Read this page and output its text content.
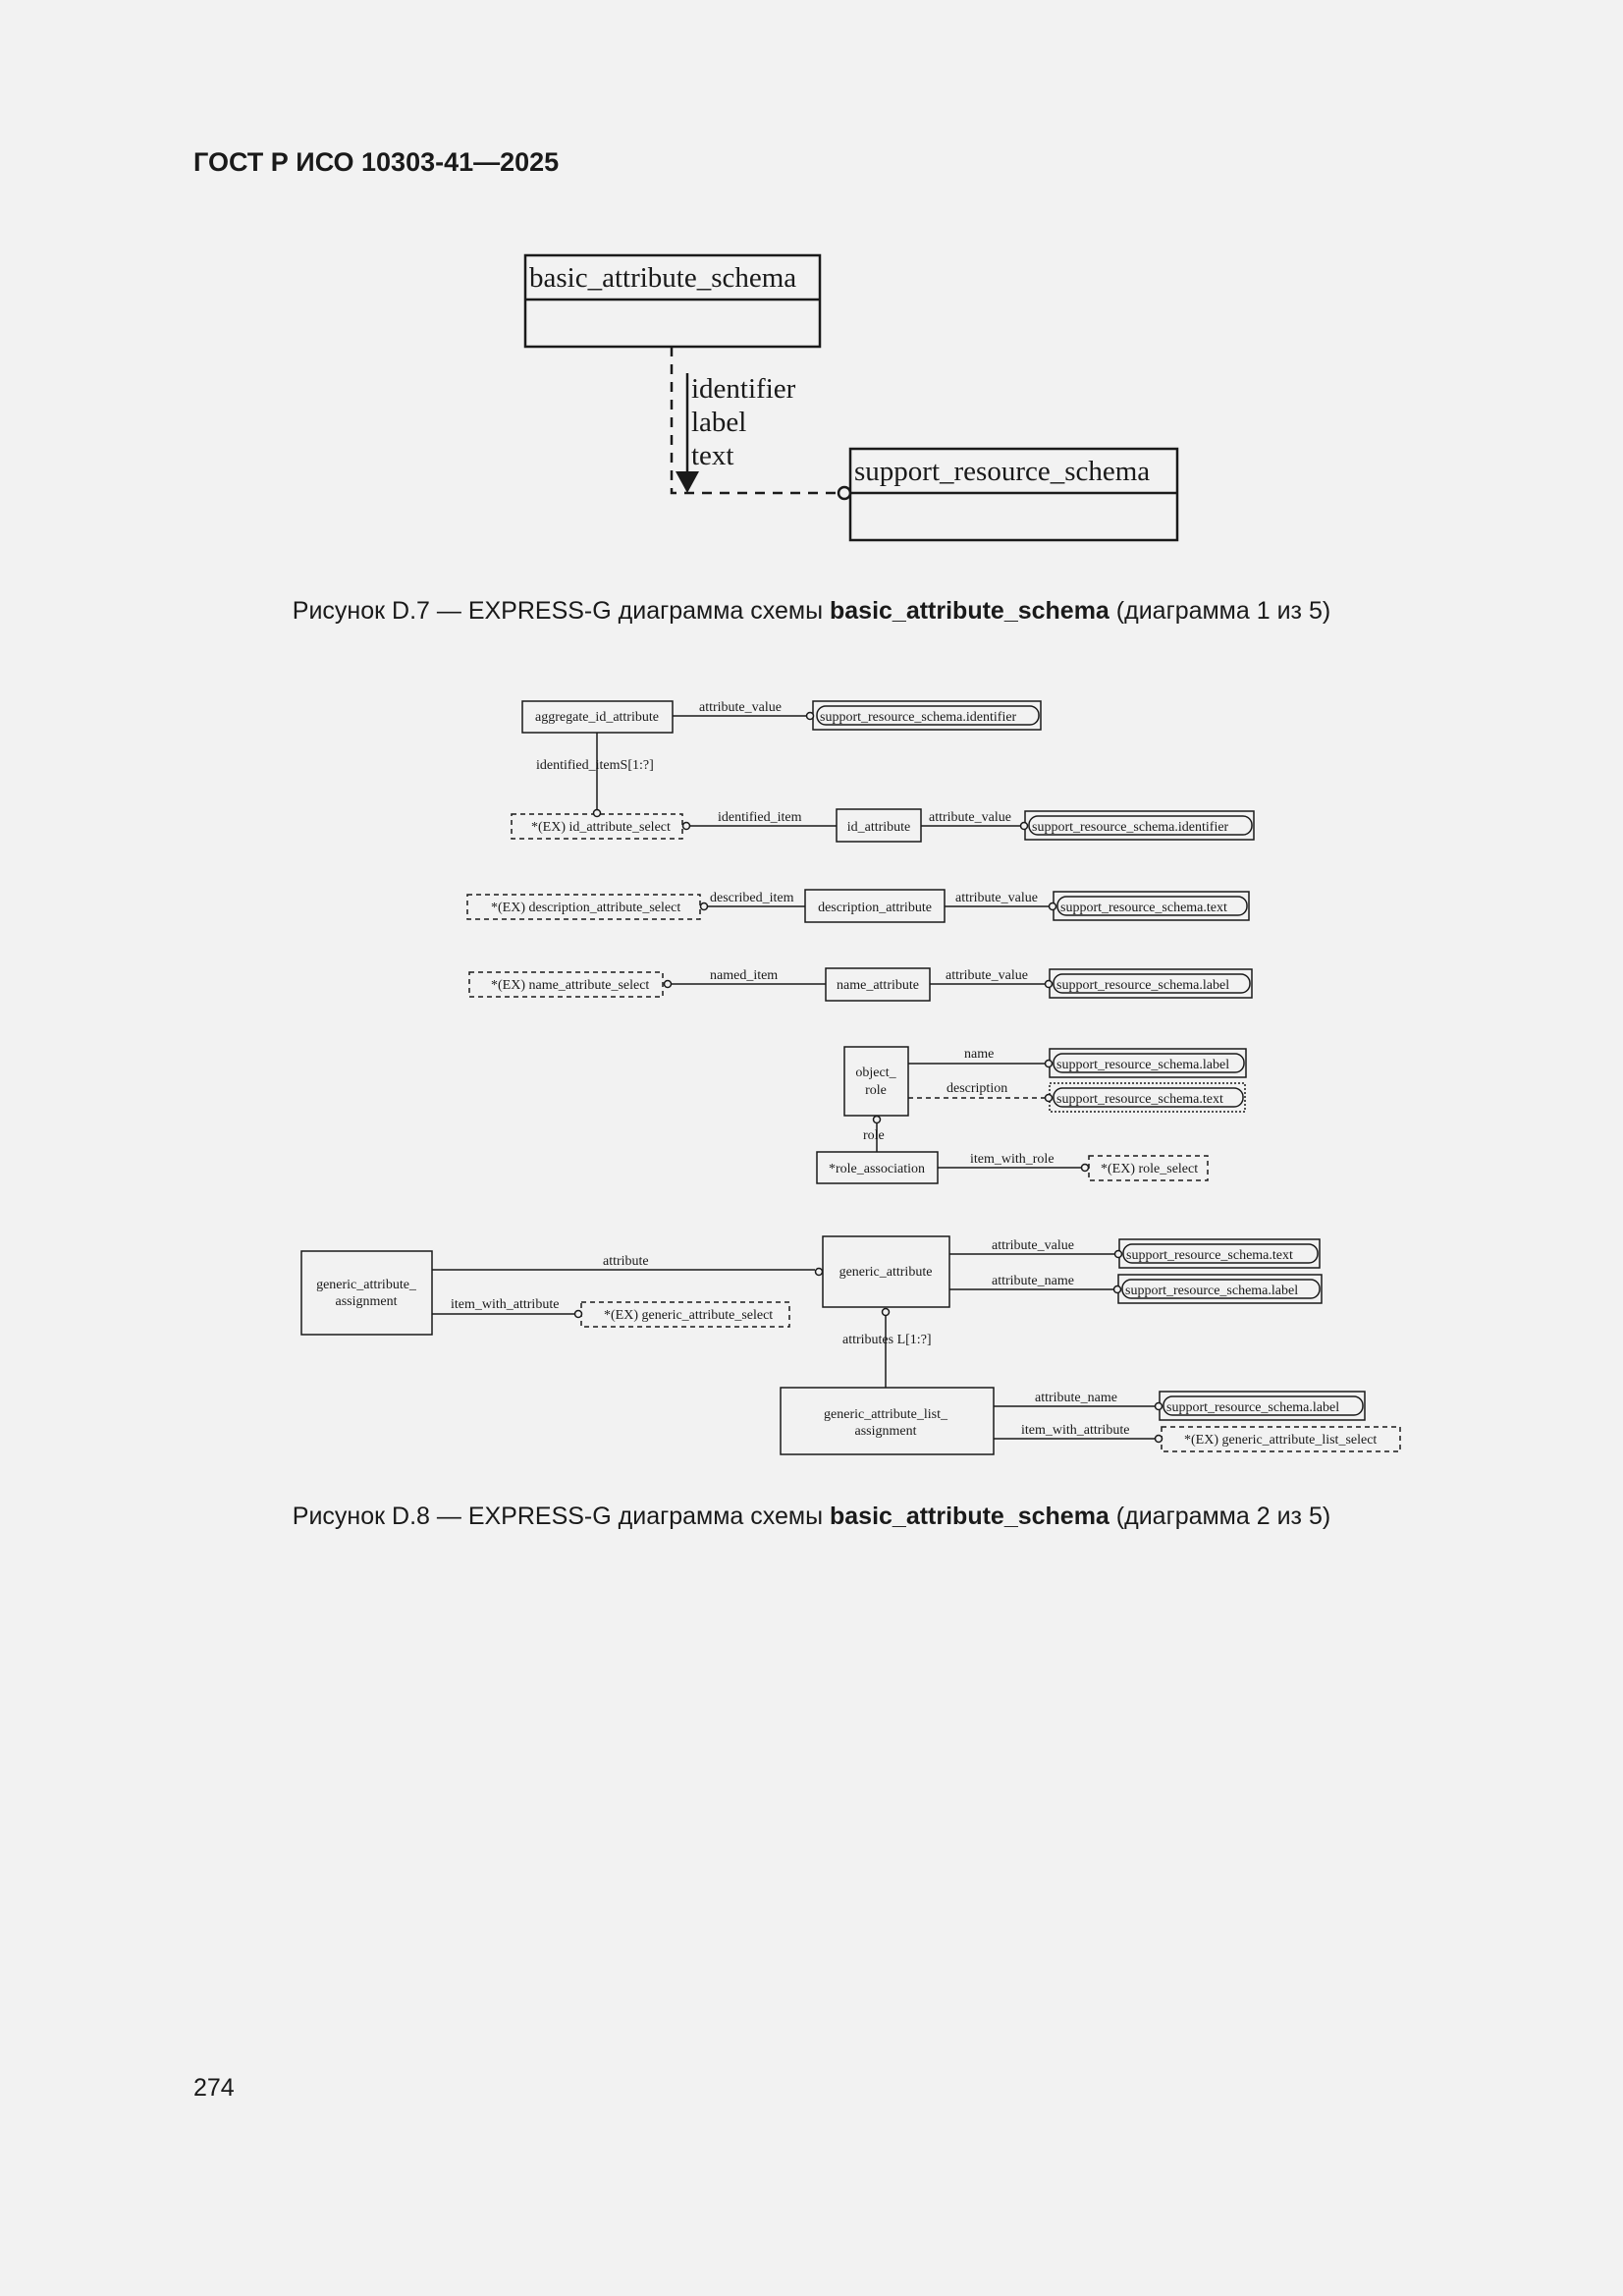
ГОСТ Р ИСО 10303-41—2025
basic_attribute_schema
support_resource_schema
identifier
label
text
Рисунок D.7 — EXPRESS-G диаграмма схемы basic_attribute_schema (диаграмма 1 из 5)
aggregate_id_attribute
id_attribute
description_attribute
name_attribute
object_
role
*role_association
generic_attribute
generic_attribute_
assignment
generic_attribute_list_
assignment
*(EX) id_attribute_select
*(EX) description_attribute_select
*(EX) name_attribute_select
*(EX) role_select
*(EX) generic_attribute_select
*(EX) generic_attribute_list_select
support_resource_schema.identifier
support_resource_schema.identifier
support_resource_schema.text
support_resource_schema.label
support_resource_schema.label
support_resource_schema.text
support_resource_schema.text
support_resource_schema.label
support_resource_schema.label
attribute_value
identified_itemS[1:?]
identified_item	attribute_value
described_item	attribute_value
named_item	attribute_value
name
description
role
item_with_role
attribute
item_with_attribute
attribute_value
attribute_name
attributes L[1:?]
attribute_name
item_with_attribute
Рисунок D.8 — EXPRESS-G диаграмма схемы basic_attribute_schema (диаграмма 2 из 5)
274
